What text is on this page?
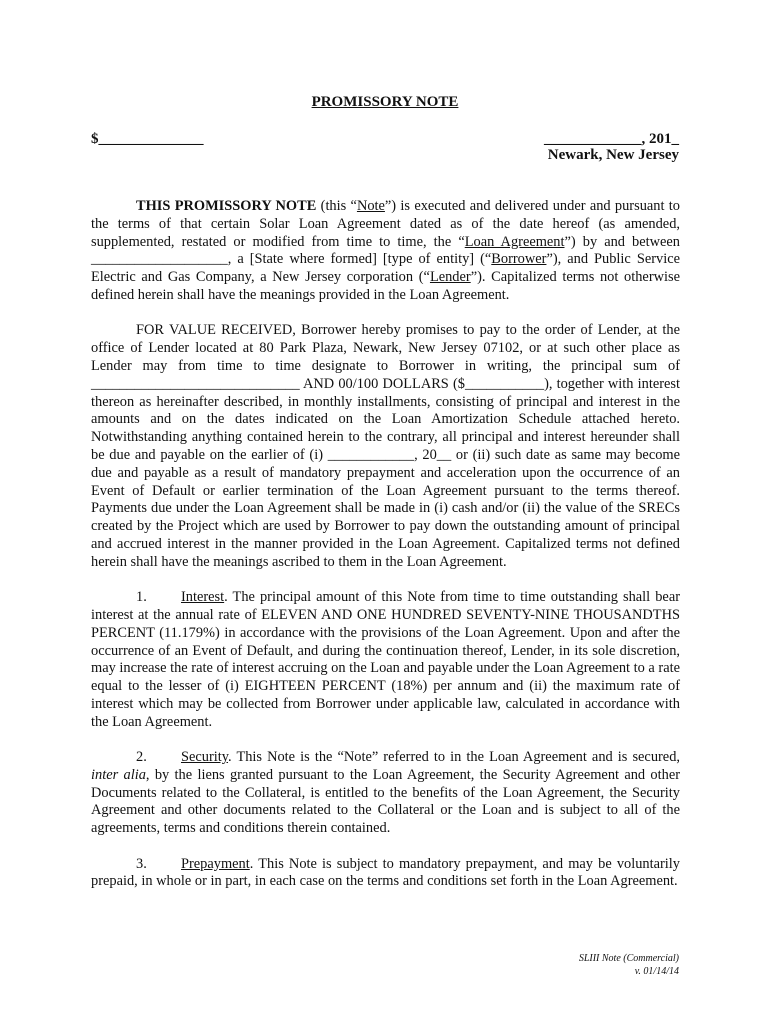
PROMISSORY NOTE
$______________	_____________, 201_
Newark, New Jersey

THIS PROMISSORY NOTE (this “Note”) is executed and delivered under and pursuant to the terms of that certain Solar Loan Agreement dated as of the date hereof (as amended, supplemented, restated or modified from time to time, the “Loan Agreement”) by and between ___________________, a [State where formed] [type of entity] (“Borrower”), and Public Service Electric and Gas Company, a New Jersey corporation (“Lender”). Capitalized terms not otherwise defined herein shall have the meanings provided in the Loan Agreement.

FOR VALUE RECEIVED, Borrower hereby promises to pay to the order of Lender, at the office of Lender located at 80 Park Plaza, Newark, New Jersey 07102, or at such other place as Lender may from time to time designate to Borrower in writing, the principal sum of _____________________________ AND 00/100 DOLLARS ($___________), together with interest thereon as hereinafter described, in monthly installments, consisting of principal and interest in the amounts and on the dates indicated on the Loan Amortization Schedule attached hereto. Notwithstanding anything contained herein to the contrary, all principal and interest hereunder shall be due and payable on the earlier of (i) ____________, 20__ or (ii) such date as same may become due and payable as a result of mandatory prepayment and acceleration upon the occurrence of an Event of Default or earlier termination of the Loan Agreement pursuant to the terms thereof. Payments due under the Loan Agreement shall be made in (i) cash and/or (ii) the value of the SRECs created by the Project which are used by Borrower to pay down the outstanding amount of principal and accrued interest in the manner provided in the Loan Agreement. Capitalized terms not defined herein shall have the meanings ascribed to them in the Loan Agreement.

1. Interest. The principal amount of this Note from time to time outstanding shall bear interest at the annual rate of ELEVEN AND ONE HUNDRED SEVENTY-NINE THOUSANDTHS PERCENT (11.179%) in accordance with the provisions of the Loan Agreement. Upon and after the occurrence of an Event of Default, and during the continuation thereof, Lender, in its sole discretion, may increase the rate of interest accruing on the Loan and payable under the Loan Agreement to a rate equal to the lesser of (i) EIGHTEEN PERCENT (18%) per annum and (ii) the maximum rate of interest which may be collected from Borrower under applicable law, calculated in accordance with the Loan Agreement.

2. Security. This Note is the “Note” referred to in the Loan Agreement and is secured, inter alia, by the liens granted pursuant to the Loan Agreement, the Security Agreement and other Documents related to the Collateral, is entitled to the benefits of the Loan Agreement, the Security Agreement and other documents related to the Collateral or the Loan and is subject to all of the agreements, terms and conditions therein contained.

3. Prepayment. This Note is subject to mandatory prepayment, and may be voluntarily prepaid, in whole or in part, in each case on the terms and conditions set forth in the Loan Agreement.

SLIII Note (Commercial)
v. 01/14/14
